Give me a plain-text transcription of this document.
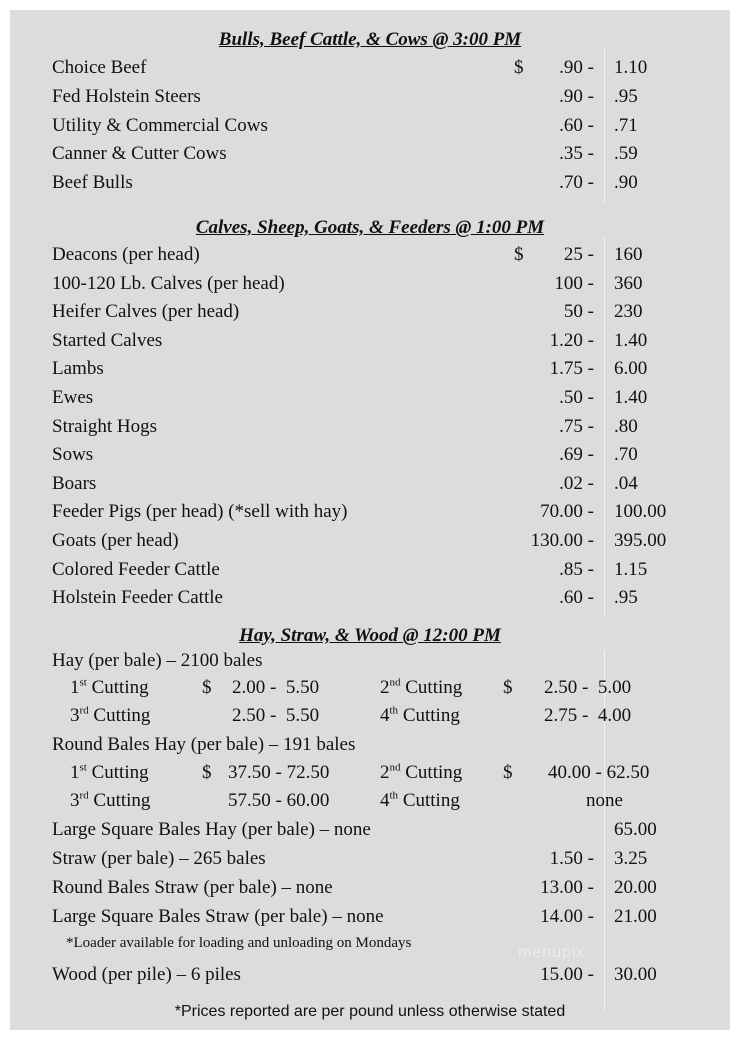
Bulls, Beef Cattle, & Cows @ 3:00 PM
Choice Beef	$ .90 - 1.10
Fed Holstein Steers	.90 - .95
Utility & Commercial Cows	.60 - .71
Canner & Cutter Cows	.35 - .59
Beef Bulls	.70 - .90
Calves, Sheep, Goats, & Feeders @ 1:00 PM
Deacons (per head)	$ 25 - 160
100-120 Lb. Calves (per head)	100 - 360
Heifer Calves (per head)	50 - 230
Started Calves	1.20 - 1.40
Lambs	1.75 - 6.00
Ewes	.50 - 1.40
Straight Hogs	.75 - .80
Sows	.69 - .70
Boars	.02 - .04
Feeder Pigs (per head) (*sell with hay)	70.00 - 100.00
Goats (per head)	130.00 - 395.00
Colored Feeder Cattle	.85 - 1.15
Holstein Feeder Cattle	.60 - .95
Hay, Straw, & Wood @ 12:00 PM
Hay (per bale) – 2100 bales
1st Cutting	$ 2.00 -  5.50	2nd Cutting $ 2.50 -  5.00
3rd Cutting	2.50 -  5.50	4th Cutting	2.75 -  4.00
Round Bales Hay (per bale) – 191 bales
1st Cutting	$ 37.50 - 72.50	2nd Cutting $ 40.00 - 62.50
3rd Cutting	57.50 - 60.00	4th Cutting	none
Large Square Bales Hay (per bale) – none	65.00
Straw (per bale) – 265 bales	1.50 - 3.25
Round Bales Straw (per bale) – none	13.00 - 20.00
Large Square Bales Straw (per bale) – none	14.00 - 21.00
*Loader available for loading and unloading on Mondays
menupix
Wood (per pile) – 6 piles	15.00 - 30.00
*Prices reported are per pound unless otherwise stated
